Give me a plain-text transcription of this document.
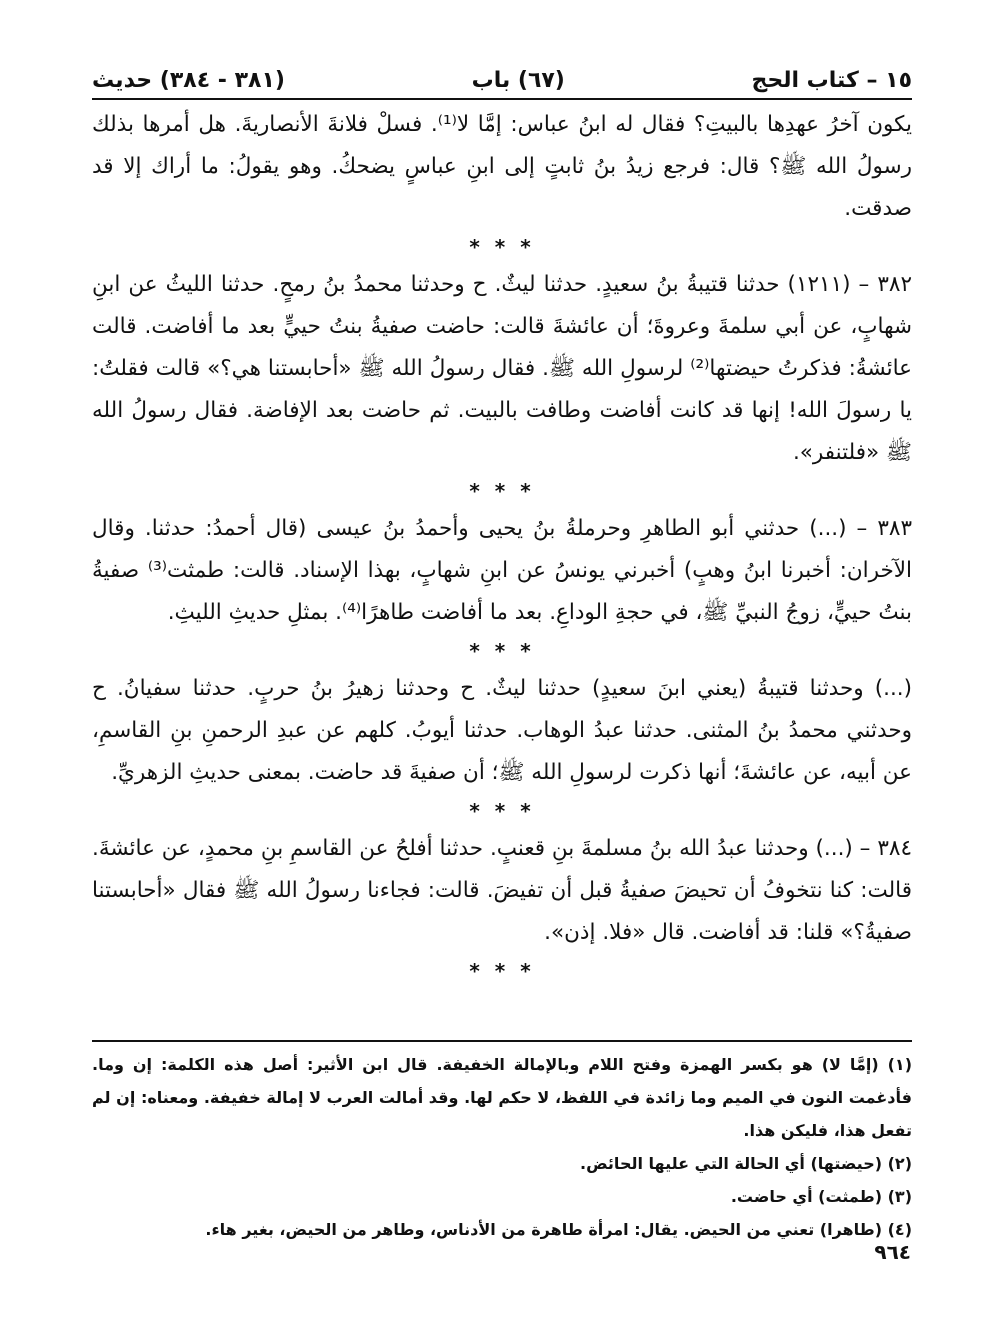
١٥ – كتاب الحج
(٦٧) باب
(٣٨١ - ٣٨٤) حديث

يكون آخرُ عهدِها بالبيتِ؟ فقال له ابنُ عباس: إمَّا لا⁽¹⁾. فسلْ فلانةَ الأنصاريةَ. هل أمرها بذلك رسولُ الله ﷺ؟ قال: فرجع زيدُ بنُ ثابتٍ إلى ابنِ عباسٍ يضحكُ. وهو يقولُ: ما أراك إلا قد صدقت.

* * *

٣٨٢ – (١٢١١) حدثنا قتيبةُ بنُ سعيدٍ. حدثنا ليثٌ. ح وحدثنا محمدُ بنُ رمحٍ. حدثنا الليثُ عن ابنِ شهابٍ، عن أبي سلمةَ وعروةَ؛ أن عائشةَ قالت: حاضت صفيةُ بنتُ حييٍّ بعد ما أفاضت. قالت عائشةُ: فذكرتُ حيضتها⁽²⁾ لرسولِ الله ﷺ. فقال رسولُ الله ﷺ «أحابستنا هي؟» قالت فقلتُ: يا رسولَ الله! إنها قد كانت أفاضت وطافت بالبيت. ثم حاضت بعد الإفاضة. فقال رسولُ الله ﷺ «فلتنفر».

* * *

٣٨٣ – (...) حدثني أبو الطاهرِ وحرملةُ بنُ يحيى وأحمدُ بنُ عيسى (قال أحمدُ: حدثنا. وقال الآخران: أخبرنا ابنُ وهبٍ) أخبرني يونسُ عن ابنِ شهابٍ، بهذا الإسناد. قالت: طمثت⁽³⁾ صفيةُ بنتُ حييٍّ، زوجُ النبيِّ ﷺ، في حجةِ الوداعِ. بعد ما أفاضت طاهرًا⁽⁴⁾. بمثلِ حديثِ الليثِ.

* * *

(...) وحدثنا قتيبةُ (يعني ابنَ سعيدٍ) حدثنا ليثٌ. ح وحدثنا زهيرُ بنُ حربٍ. حدثنا سفيانُ. ح وحدثني محمدُ بنُ المثنى. حدثنا عبدُ الوهاب. حدثنا أيوبُ. كلهم عن عبدِ الرحمنِ بنِ القاسمِ، عن أبيه، عن عائشةَ؛ أنها ذكرت لرسولِ الله ﷺ؛ أن صفيةَ قد حاضت. بمعنى حديثِ الزهريِّ.

* * *

٣٨٤ – (...) وحدثنا عبدُ الله بنُ مسلمةَ بنِ قعنبٍ. حدثنا أفلحُ عن القاسمِ بنِ محمدٍ، عن عائشةَ. قالت: كنا نتخوفُ أن تحيضَ صفيةُ قبل أن تفيضَ. قالت: فجاءنا رسولُ الله ﷺ فقال «أحابستنا صفيةُ؟» قلنا: قد أفاضت. قال «فلا. إذن».

* * *

(١) (إمَّا لا) هو بكسر الهمزة وفتح اللام وبالإمالة الخفيفة. قال ابن الأثير: أصل هذه الكلمة: إن وما. فأدغمت النون في الميم وما زائدة في اللفظ، لا حكم لها. وقد أمالت العرب لا إمالة خفيفة. ومعناه: إن لم تفعل هذا، فليكن هذا.

(٢) (حيضتها) أي الحالة التي عليها الحائض.

(٣) (طمثت) أي حاضت.

(٤) (طاهرا) تعني من الحيض. يقال: امرأة طاهرة من الأدناس، وطاهر من الحيض، بغير هاء.

٩٦٤
